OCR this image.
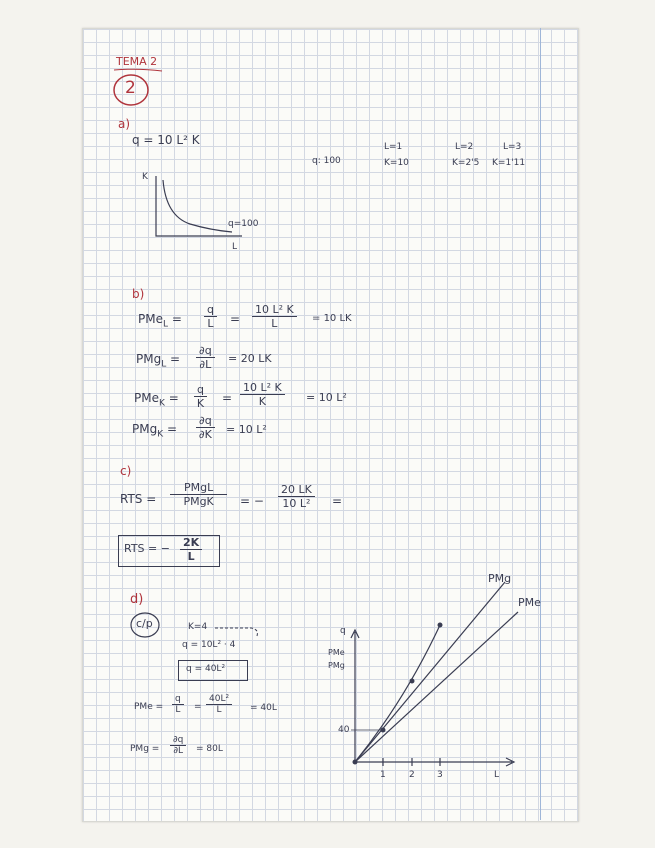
TEMA 2
2
a)
q = 10 L² K
q: 100
L=1
K=10
L=2
K=2'5
L=3
K=1'11
K
L
q=100
b)
$PMe_L = \frac{q}{L} = \frac{\text{10 L² K}}{L} = 10$ LK
$PMg_L = \frac{\partial q}{\partial L} = 20$ LK
$PMe_K = \frac{q}{K} = \frac{\text{10 L² K}}{K} = 10$ L²
$PMg_K = \frac{\partial q}{\partial K} = 10$ L²
c)
RTS =
PMgL
PMgK = − $\frac{20 LK}{\text{10 L²}}$ =
RTS = − $\frac{2K}{L}$
d)
c/p	K=4
q = 10L² · 4
q = 40L²
PMe = $\frac{q}{L} = \frac{\text{40L²}}{L} = 40L$
PMg = $\frac{\partial q}{\partial L} = 80L$
q
PMe
PMg
40
1	2 3	L
PMg
PMe
